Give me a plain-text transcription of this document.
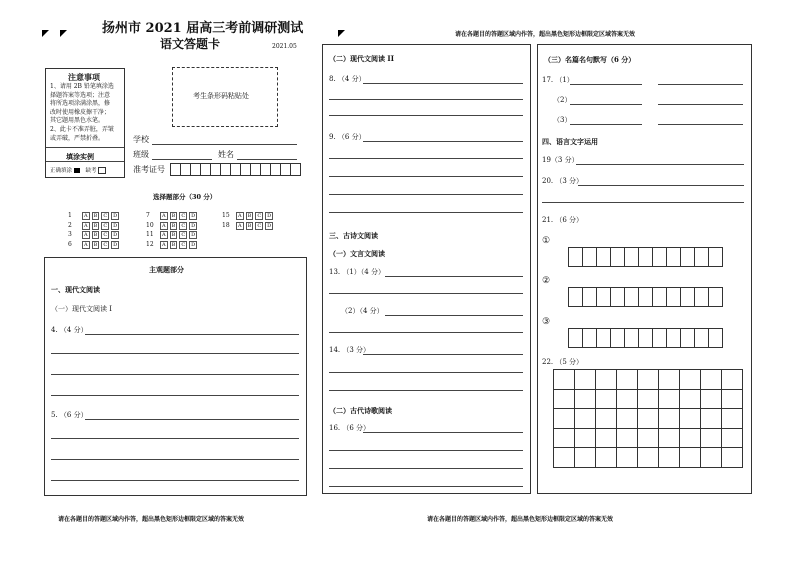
扬州市 2021 届高三考前调研测试
语文答题卡	2021.05
请在各题目的答题区域内作答，超出黑色矩形边框限定区域答案无效
注意事项
1、请用 2B 铅笔填涂选
择题答案等选项；注意
将所选项涂满涂黑，修
改时使用橡皮擦干净；
其它题用黑色水笔。
2、此卡不准弄脏，弄皱
或弄破，严禁折叠。
填涂实例
正确填涂 缺考
考生条形码粘贴处
学校
班级	姓名
准考证号
选择题部分（30 分）
1 A B C D
2 A B C D
3 A B C D
6 A B C D
7 A B C D
10 A B C D
11 A B C D
12 A B C D
15 A B C D
18 A B C D
主观题部分
一、现代文阅读
（一）现代文阅读 I
4. （4 分）
5. （6 分）
（二）现代文阅读 II
8. （4 分）
9. （6 分）
三、古诗文阅读
（一）文言文阅读
13. （1）（4 分）
（2）（4 分）
14. （3 分）
（二）古代诗歌阅读
16. （6 分）
（三）名篇名句默写（6 分）
17. （1）
（2）
（3）
四、语言文字运用
19（3 分）
20. （3 分）
21. （6 分）
①
②
③
22. （5 分）
请在各题目的答题区域内作答，超出黑色矩形边框限定区域的答案无效	请在各题目的答题区域内作答，超出黑色矩形边框限定区域的答案无效
